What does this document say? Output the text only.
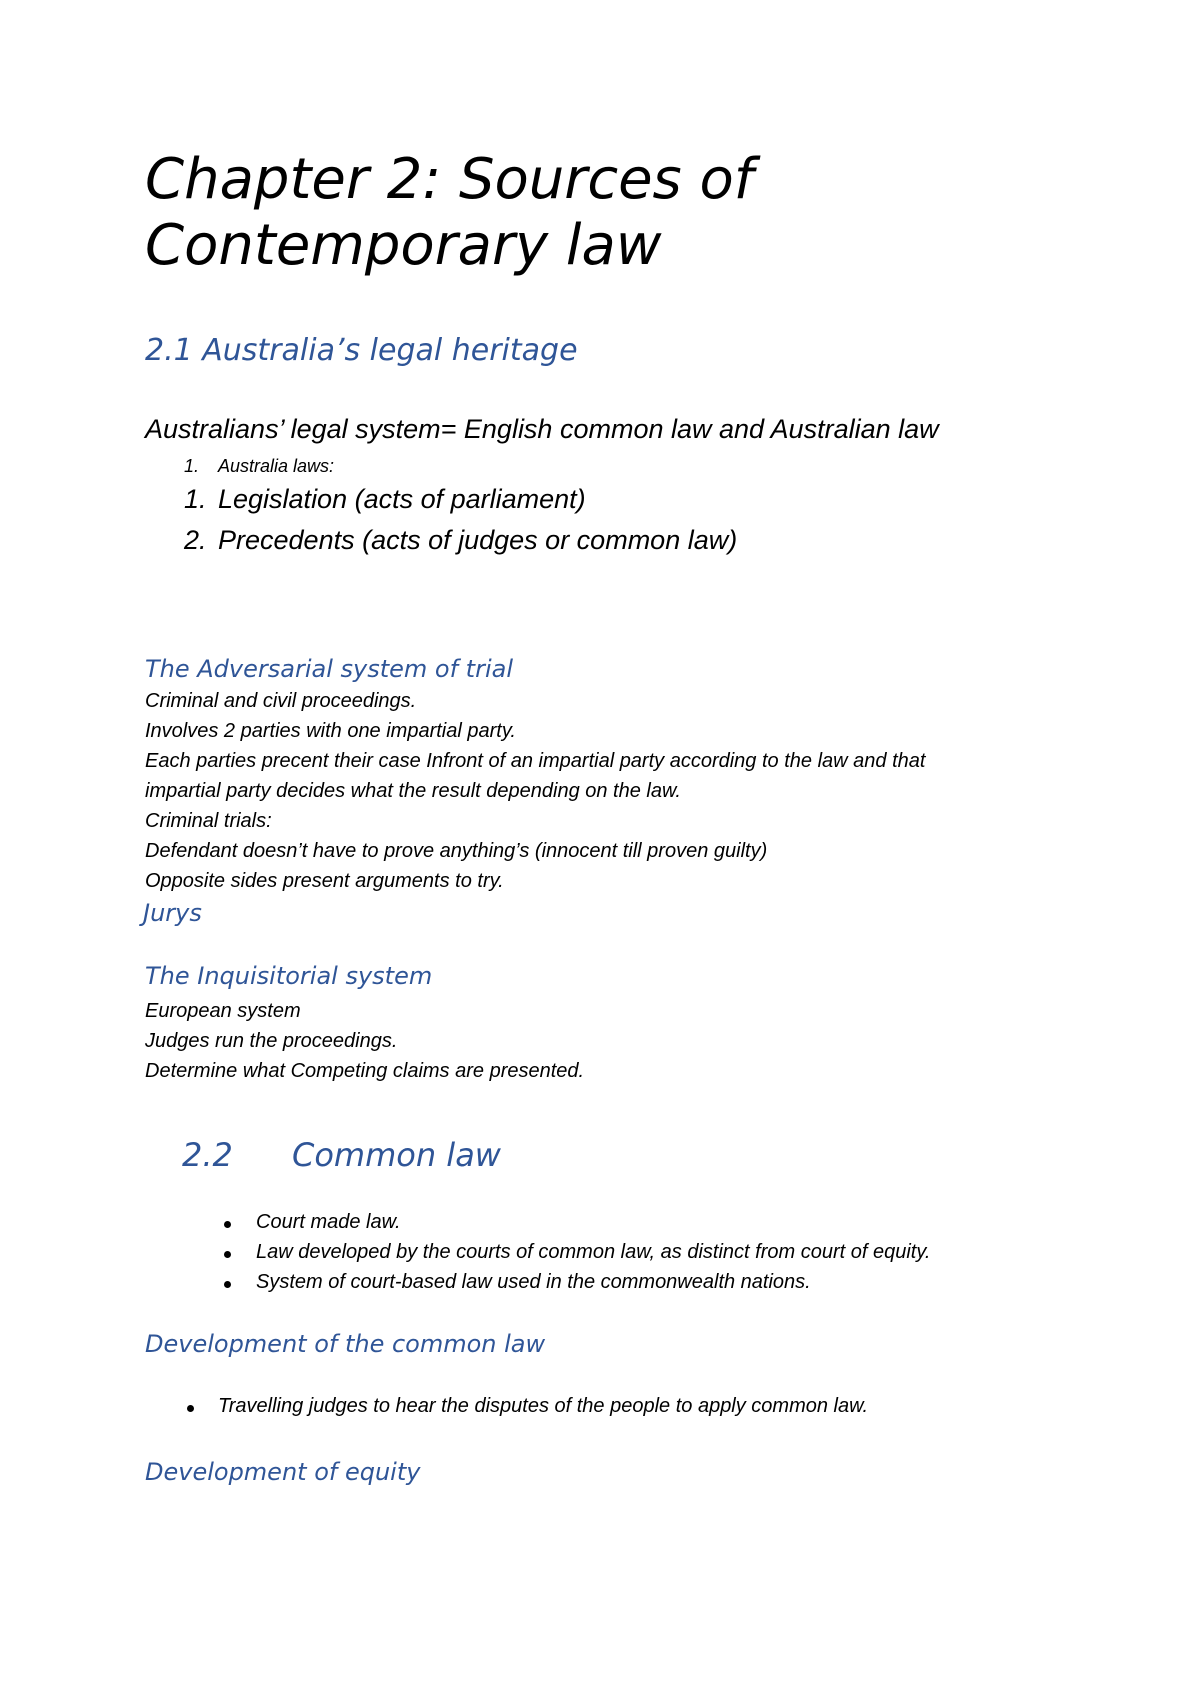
Chapter 2: Sources of
Contemporary law
2.1 Australia’s legal heritage
Australians’ legal system= English common law and Australian law
1. Australia laws:
1. Legislation (acts of parliament)
2. Precedents (acts of judges or common law)
The Adversarial system of trial
Criminal and civil proceedings.
Involves 2 parties with one impartial party.
Each parties precent their case Infront of an impartial party according to the law and that
impartial party decides what the result depending on the law.
Criminal trials:
Defendant doesn’t have to prove anything’s (innocent till proven guilty)
Opposite sides present arguments to try.
Jurys
The Inquisitorial system
European system
Judges run the proceedings.
Determine what Competing claims are presented.
2.2 Common law
Court made law.
Law developed by the courts of common law, as distinct from court of equity.
System of court-based law used in the commonwealth nations.
Development of the common law
Travelling judges to hear the disputes of the people to apply common law.
Development of equity
